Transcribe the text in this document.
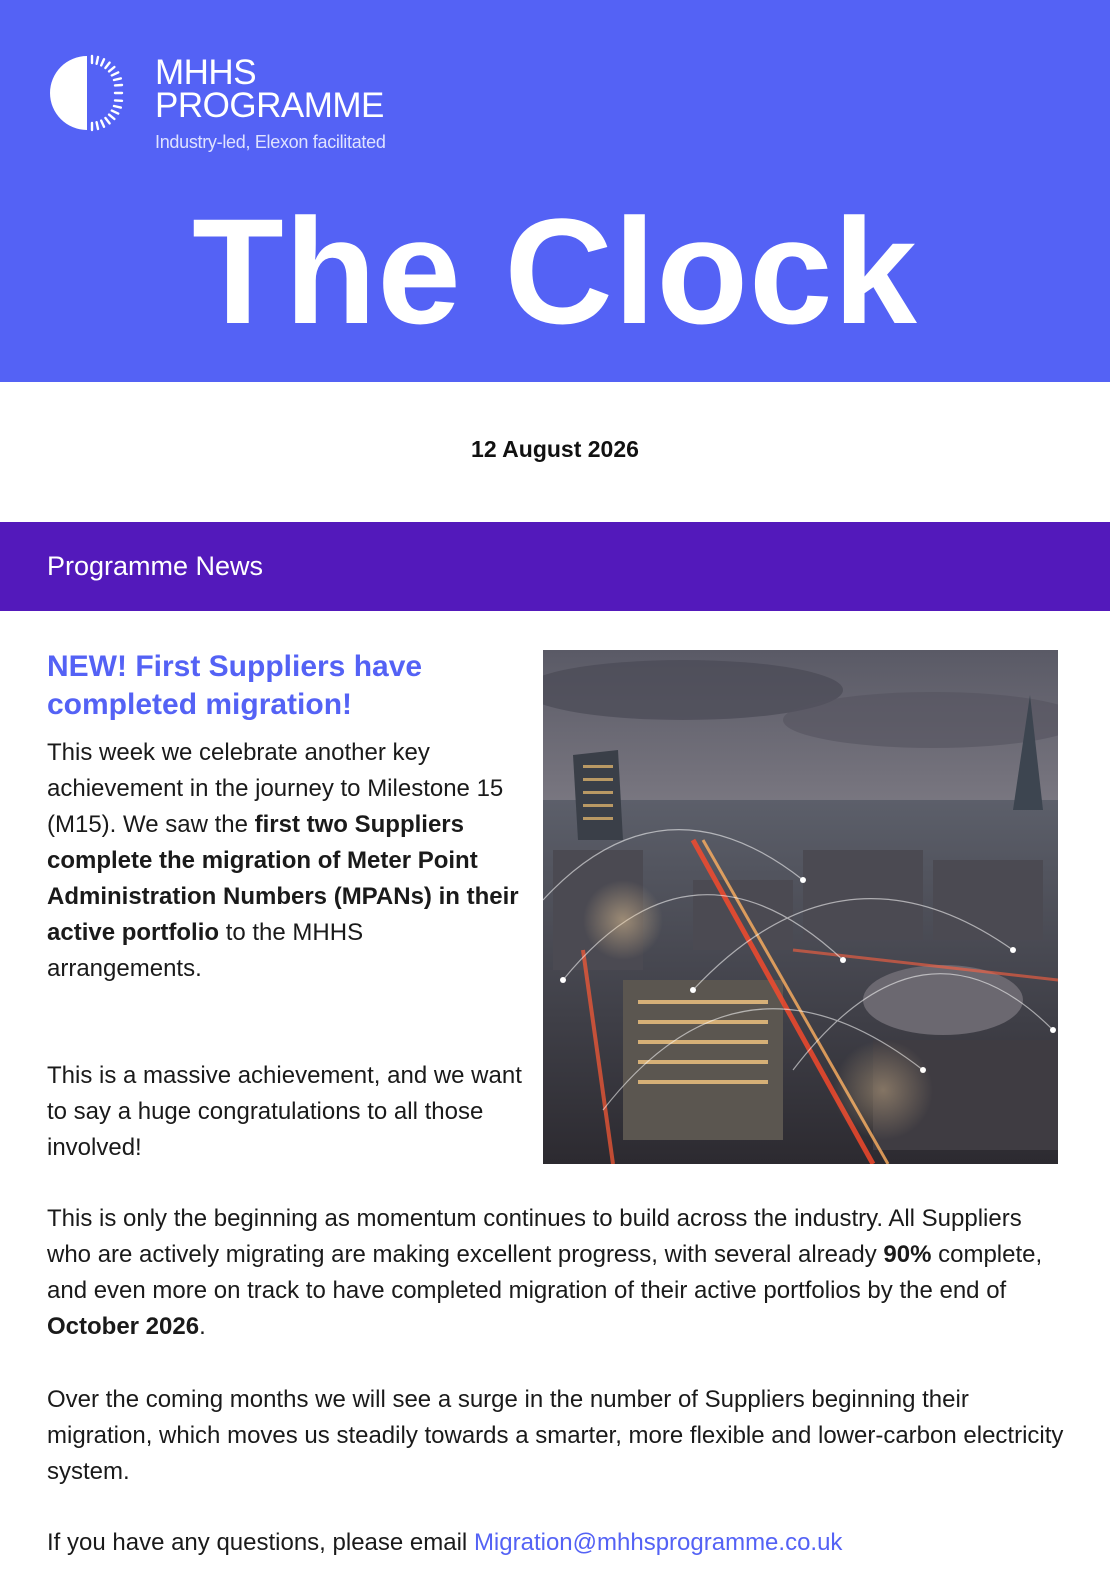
MHHS
PROGRAMME
Industry-led, Elexon facilitated
The Clock
12 August 2026
Programme News
NEW! First Suppliers have completed migration!
This week we celebrate another key achievement in the journey to Milestone 15 (M15). We saw the first two Suppliers complete the migration of Meter Point Administration Numbers (MPANs) in their active portfolio to the MHHS arrangements.
This is a massive achievement, and we want to say a huge congratulations to all those involved!
This is only the beginning as momentum continues to build across the industry. All Suppliers who are actively migrating are making excellent progress, with several already 90% complete, and even more on track to have completed migration of their active portfolios by the end of October 2026.
Over the coming months we will see a surge in the number of Suppliers beginning their migration, which moves us steadily towards a smarter, more flexible and lower-carbon electricity system.
If you have any questions, please email Migration@mhhsprogramme.co.uk
